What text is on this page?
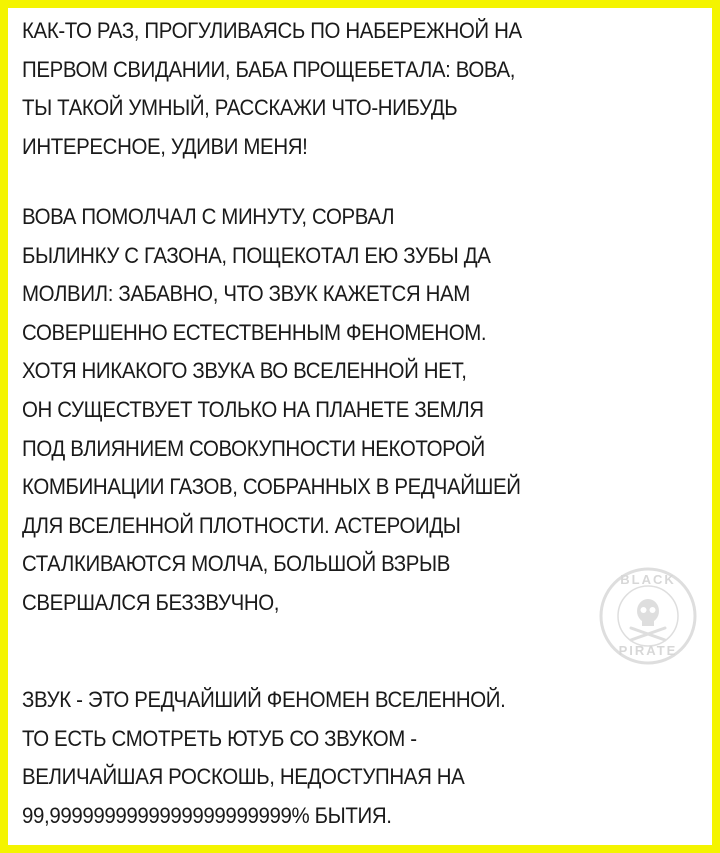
КАК-ТО РАЗ, ПРОГУЛИВАЯСЬ ПО НАБЕРЕЖНОЙ НА
ПЕРВОМ СВИДАНИИ, БАБА ПРОЩЕБЕТАЛА: ВОВА,
ТЫ ТАКОЙ УМНЫЙ, РАССКАЖИ ЧТО-НИБУДЬ
ИНТЕРЕСНОЕ, УДИВИ МЕНЯ!

ВОВА ПОМОЛЧАЛ С МИНУТУ, СОРВАЛ
БЫЛИНКУ С ГАЗОНА, ПОЩЕКОТАЛ ЕЮ ЗУБЫ ДА
МОЛВИЛ: ЗАБАВНО, ЧТО ЗВУК КАЖЕТСЯ НАМ
СОВЕРШЕННО ЕСТЕСТВЕННЫМ ФЕНОМЕНОМ.
ХОТЯ НИКАКОГО ЗВУКА ВО ВСЕЛЕННОЙ НЕТ,
ОН СУЩЕСТВУЕТ ТОЛЬКО НА ПЛАНЕТЕ ЗЕМЛЯ
ПОД ВЛИЯНИЕМ СОВОКУПНОСТИ НЕКОТОРОЙ
КОМБИНАЦИИ ГАЗОВ, СОБРАННЫХ В РЕДЧАЙШЕЙ
ДЛЯ ВСЕЛЕННОЙ ПЛОТНОСТИ. АСТЕРОИДЫ
СТАЛКИВАЮТСЯ МОЛЧА, БОЛЬШОЙ ВЗРЫВ
СВЕРШАЛСЯ БЕЗЗВУЧНО,

ЗВУК - ЭТО РЕДЧАЙШИЙ ФЕНОМЕН ВСЕЛЕННОЙ.
ТО ЕСТЬ СМОТРЕТЬ ЮТУБ СО ЗВУКОМ -
ВЕЛИЧАЙШАЯ РОСКОШЬ, НЕДОСТУПНАЯ НА
99,9999999999999999999999% БЫТИЯ.

BLACK
PIRATE
